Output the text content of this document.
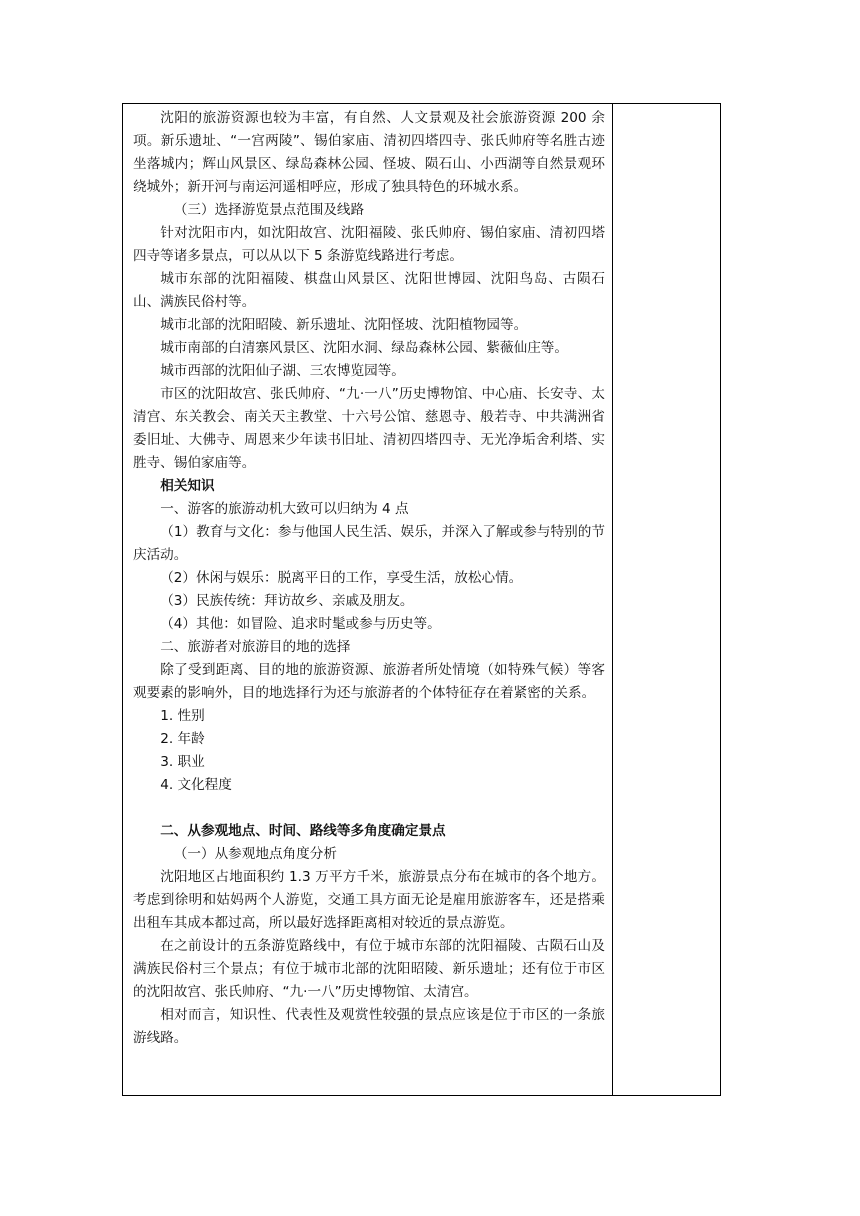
沈阳的旅游资源也较为丰富，有自然、人文景观及社会旅游资源 200 余项。新乐遗址、“一宫两陵”、锡伯家庙、清初四塔四寺、张氏帅府等名胜古迹坐落城内；辉山风景区、绿岛森林公园、怪坡、陨石山、小西湖等自然景观环绕城外；新开河与南运河遥相呼应，形成了独具特色的环城水系。

（三）选择游览景点范围及线路

针对沈阳市内，如沈阳故宫、沈阳福陵、张氏帅府、锡伯家庙、清初四塔四寺等诸多景点，可以从以下 5 条游览线路进行考虑。

城市东部的沈阳福陵、棋盘山风景区、沈阳世博园、沈阳鸟岛、古陨石山、满族民俗村等。

城市北部的沈阳昭陵、新乐遗址、沈阳怪坡、沈阳植物园等。

城市南部的白清寨风景区、沈阳水洞、绿岛森林公园、紫薇仙庄等。

城市西部的沈阳仙子湖、三农博览园等。

市区的沈阳故宫、张氏帅府、“九·一八”历史博物馆、中心庙、长安寺、太清宫、东关教会、南关天主教堂、十六号公馆、慈恩寺、般若寺、中共满洲省委旧址、大佛寺、周恩来少年读书旧址、清初四塔四寺、无光净垢舍利塔、实胜寺、锡伯家庙等。

相关知识

一、游客的旅游动机大致可以归纳为 4 点

（1）教育与文化：参与他国人民生活、娱乐，并深入了解或参与特别的节庆活动。

（2）休闲与娱乐：脱离平日的工作，享受生活，放松心情。

（3）民族传统：拜访故乡、亲戚及朋友。

（4）其他：如冒险、追求时髦或参与历史等。

二、旅游者对旅游目的地的选择

除了受到距离、目的地的旅游资源、旅游者所处情境（如特殊气候）等客观要素的影响外，目的地选择行为还与旅游者的个体特征存在着紧密的关系。

1. 性别

2. 年龄

3. 职业

4. 文化程度

二、从参观地点、时间、路线等多角度确定景点

（一）从参观地点角度分析

沈阳地区占地面积约 1.3 万平方千米，旅游景点分布在城市的各个地方。考虑到徐明和姑妈两个人游览，交通工具方面无论是雇用旅游客车，还是搭乘出租车其成本都过高，所以最好选择距离相对较近的景点游览。

在之前设计的五条游览路线中，有位于城市东部的沈阳福陵、古陨石山及满族民俗村三个景点；有位于城市北部的沈阳昭陵、新乐遗址；还有位于市区的沈阳故宫、张氏帅府、“九·一八”历史博物馆、太清宫。

相对而言，知识性、代表性及观赏性较强的景点应该是位于市区的一条旅游线路。
